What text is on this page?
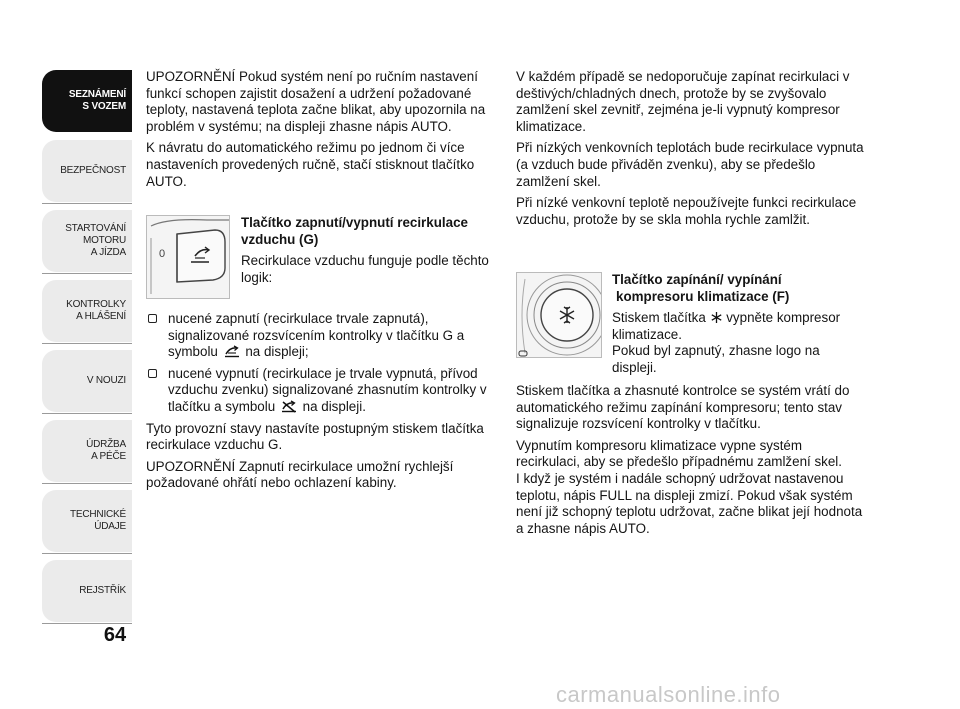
SEZNÁMENÍ
S VOZEM
BEZPEČNOST
STARTOVÁNÍ
MOTORU
A JÍZDA
KONTROLKY
A HLÁŠENÍ
V NOUZI
ÚDRŽBA
A PÉČE
TECHNICKÉ
ÚDAJE
REJSTŘÍK
64

UPOZORNĚNÍ Pokud systém není po ručním nastavení funkcí schopen zajistit dosažení a udržení požadované teploty, nastavená teplota začne blikat, aby upozornila na problém v systému; na displeji zhasne nápis AUTO.

K návratu do automatického režimu po jednom či více nastaveních provedených ručně, stačí stisknout tlačítko AUTO.

0

Tlačítko zapnutí/vypnutí recirkulace vzduchu (G)

Recirkulace vzduchu funguje podle těchto logik:

nucené zapnutí (recirkulace trvale zapnutá), signalizované rozsvícením kontrolky v tlačítku G a symbolu na displeji;
nucené vypnutí (recirkulace je trvale vypnutá, přívod vzduchu zvenku) signalizované zhasnutím kontrolky v tlačítku a symbolu na displeji.

Tyto provozní stavy nastavíte postupným stiskem tlačítka recirkulace vzduchu G.

UPOZORNĚNÍ Zapnutí recirkulace umožní rychlejší požadované ohřátí nebo ochlazení kabiny.

V každém případě se nedoporučuje zapínat recirkulaci v deštivých/chladných dnech, protože by se zvyšovalo zamlžení skel zevnitř, zejména je-li vypnutý kompresor klimatizace.

Při nízkých venkovních teplotách bude recirkulace vypnuta (a vzduch bude přiváděn zvenku), aby se předešlo zamlžení skel.

Při nízké venkovní teplotě nepoužívejte funkci recirkulace vzduchu, protože by se skla mohla rychle zamlžit.

Tlačítko zapínání/ vypínání

kompresoru klimatizace (F)

Stiskem tlačítka vypněte kompresor klimatizace.

Pokud byl zapnutý, zhasne logo na displeji.

Stiskem tlačítka a zhasnuté kontrolce se systém vrátí do automatického režimu zapínání kompresoru; tento stav signalizuje rozsvícení kontrolky v tlačítku.

Vypnutím kompresoru klimatizace vypne systém recirkulaci, aby se předešlo případnému zamlžení skel.

I když je systém i nadále schopný udržovat nastavenou teplotu, nápis FULL na displeji zmizí. Pokud však systém není již schopný teplotu udržovat, začne blikat její hodnota a zhasne nápis AUTO.

carmanualsonline.info
